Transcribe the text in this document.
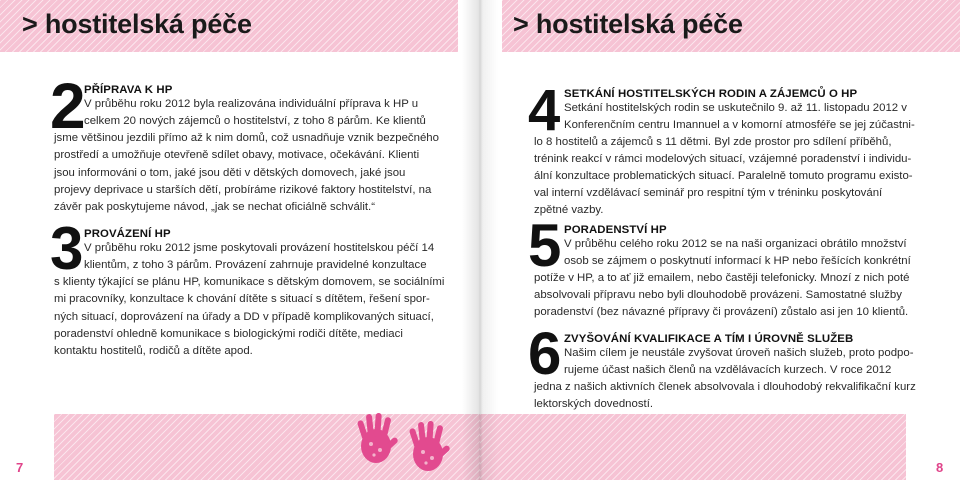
> hostitelská péče
2
PŘÍPRAVA K HP
V průběhu roku 2012 byla realizována individuální příprava k HP u
celkem 20 nových zájemců o hostitelství, z toho 8 párům. Ke klientů
jsme většinou jezdili přímo až k nim domů, což usnadňuje vznik bezpečného
prostředí a umožňuje otevřeně sdílet obavy, motivace, očekávání. Klienti
jsou informováni o tom, jaké jsou děti v dětských domovech, jaké jsou
projevy deprivace u starších dětí, probíráme rizikové faktory hostitelství, na
závěr pak poskytujeme návod, „jak se nechat oficiálně schválit.“
3 PROVÁZENÍ HP
V průběhu roku 2012 jsme poskytovali provázení hostitelskou péčí 14
klientům, z toho 3 párům. Provázení zahrnuje pravidelné konzultace
s klienty týkající se plánu HP, komunikace s dětským domovem, se sociálními
mi pracovníky, konzultace k chování dítěte s situací s dítětem, řešení spor-
ných situací, doprovázení na úřady a DD v případě komplikovaných situací,
poradenství ohledně komunikace s biologickými rodiči dítěte, mediaci
kontaktu hostitelů, rodičů a dítěte apod.
7
> hostitelská péče
4 SETKÁNÍ HOSTITELSKÝCH RODIN A ZÁJEMCŮ O HP
Setkání hostitelských rodin se uskutečnilo 9. až 11. listopadu 2012 v
Konferenčním centru Imannuel a v komorní atmosféře se jej zúčastni-
lo 8 hostitelů a zájemců s 11 dětmi. Byl zde prostor pro sdílení příběhů,
trénink reakcí v rámci modelových situací, vzájemné poradenství i individu-
ální konzultace problematických situací. Paralelně tomuto programu existo-
val interní vzdělávací seminář pro respitní tým v tréninku poskytování
zpětné vazby.
5 PORADENSTVÍ HP
V průběhu celého roku 2012 se na naši organizaci obrátilo množství
osob se zájmem o poskytnutí informací k HP nebo řešících konkrétní
potíže v HP, a to ať již emailem, nebo častěji telefonicky. Mnozí z nich poté
absolvovali přípravu nebo byli dlouhodobě provázeni. Samostatné služby
poradenství (bez návazné přípravy či provázení) zůstalo asi jen 10 klientů.
6 ZVYŠOVÁNÍ KVALIFIKACE A TÍM I ÚROVNĚ SLUŽEB
Našim cílem je neustále zvyšovat úroveň našich služeb, proto podpo-
rujeme účast našich členů na vzdělávacích kurzech. V roce 2012
jedna z našich aktivních členek absolvovala i dlouhodobý rekvalifikační kurz
lektorských dovedností.
8
